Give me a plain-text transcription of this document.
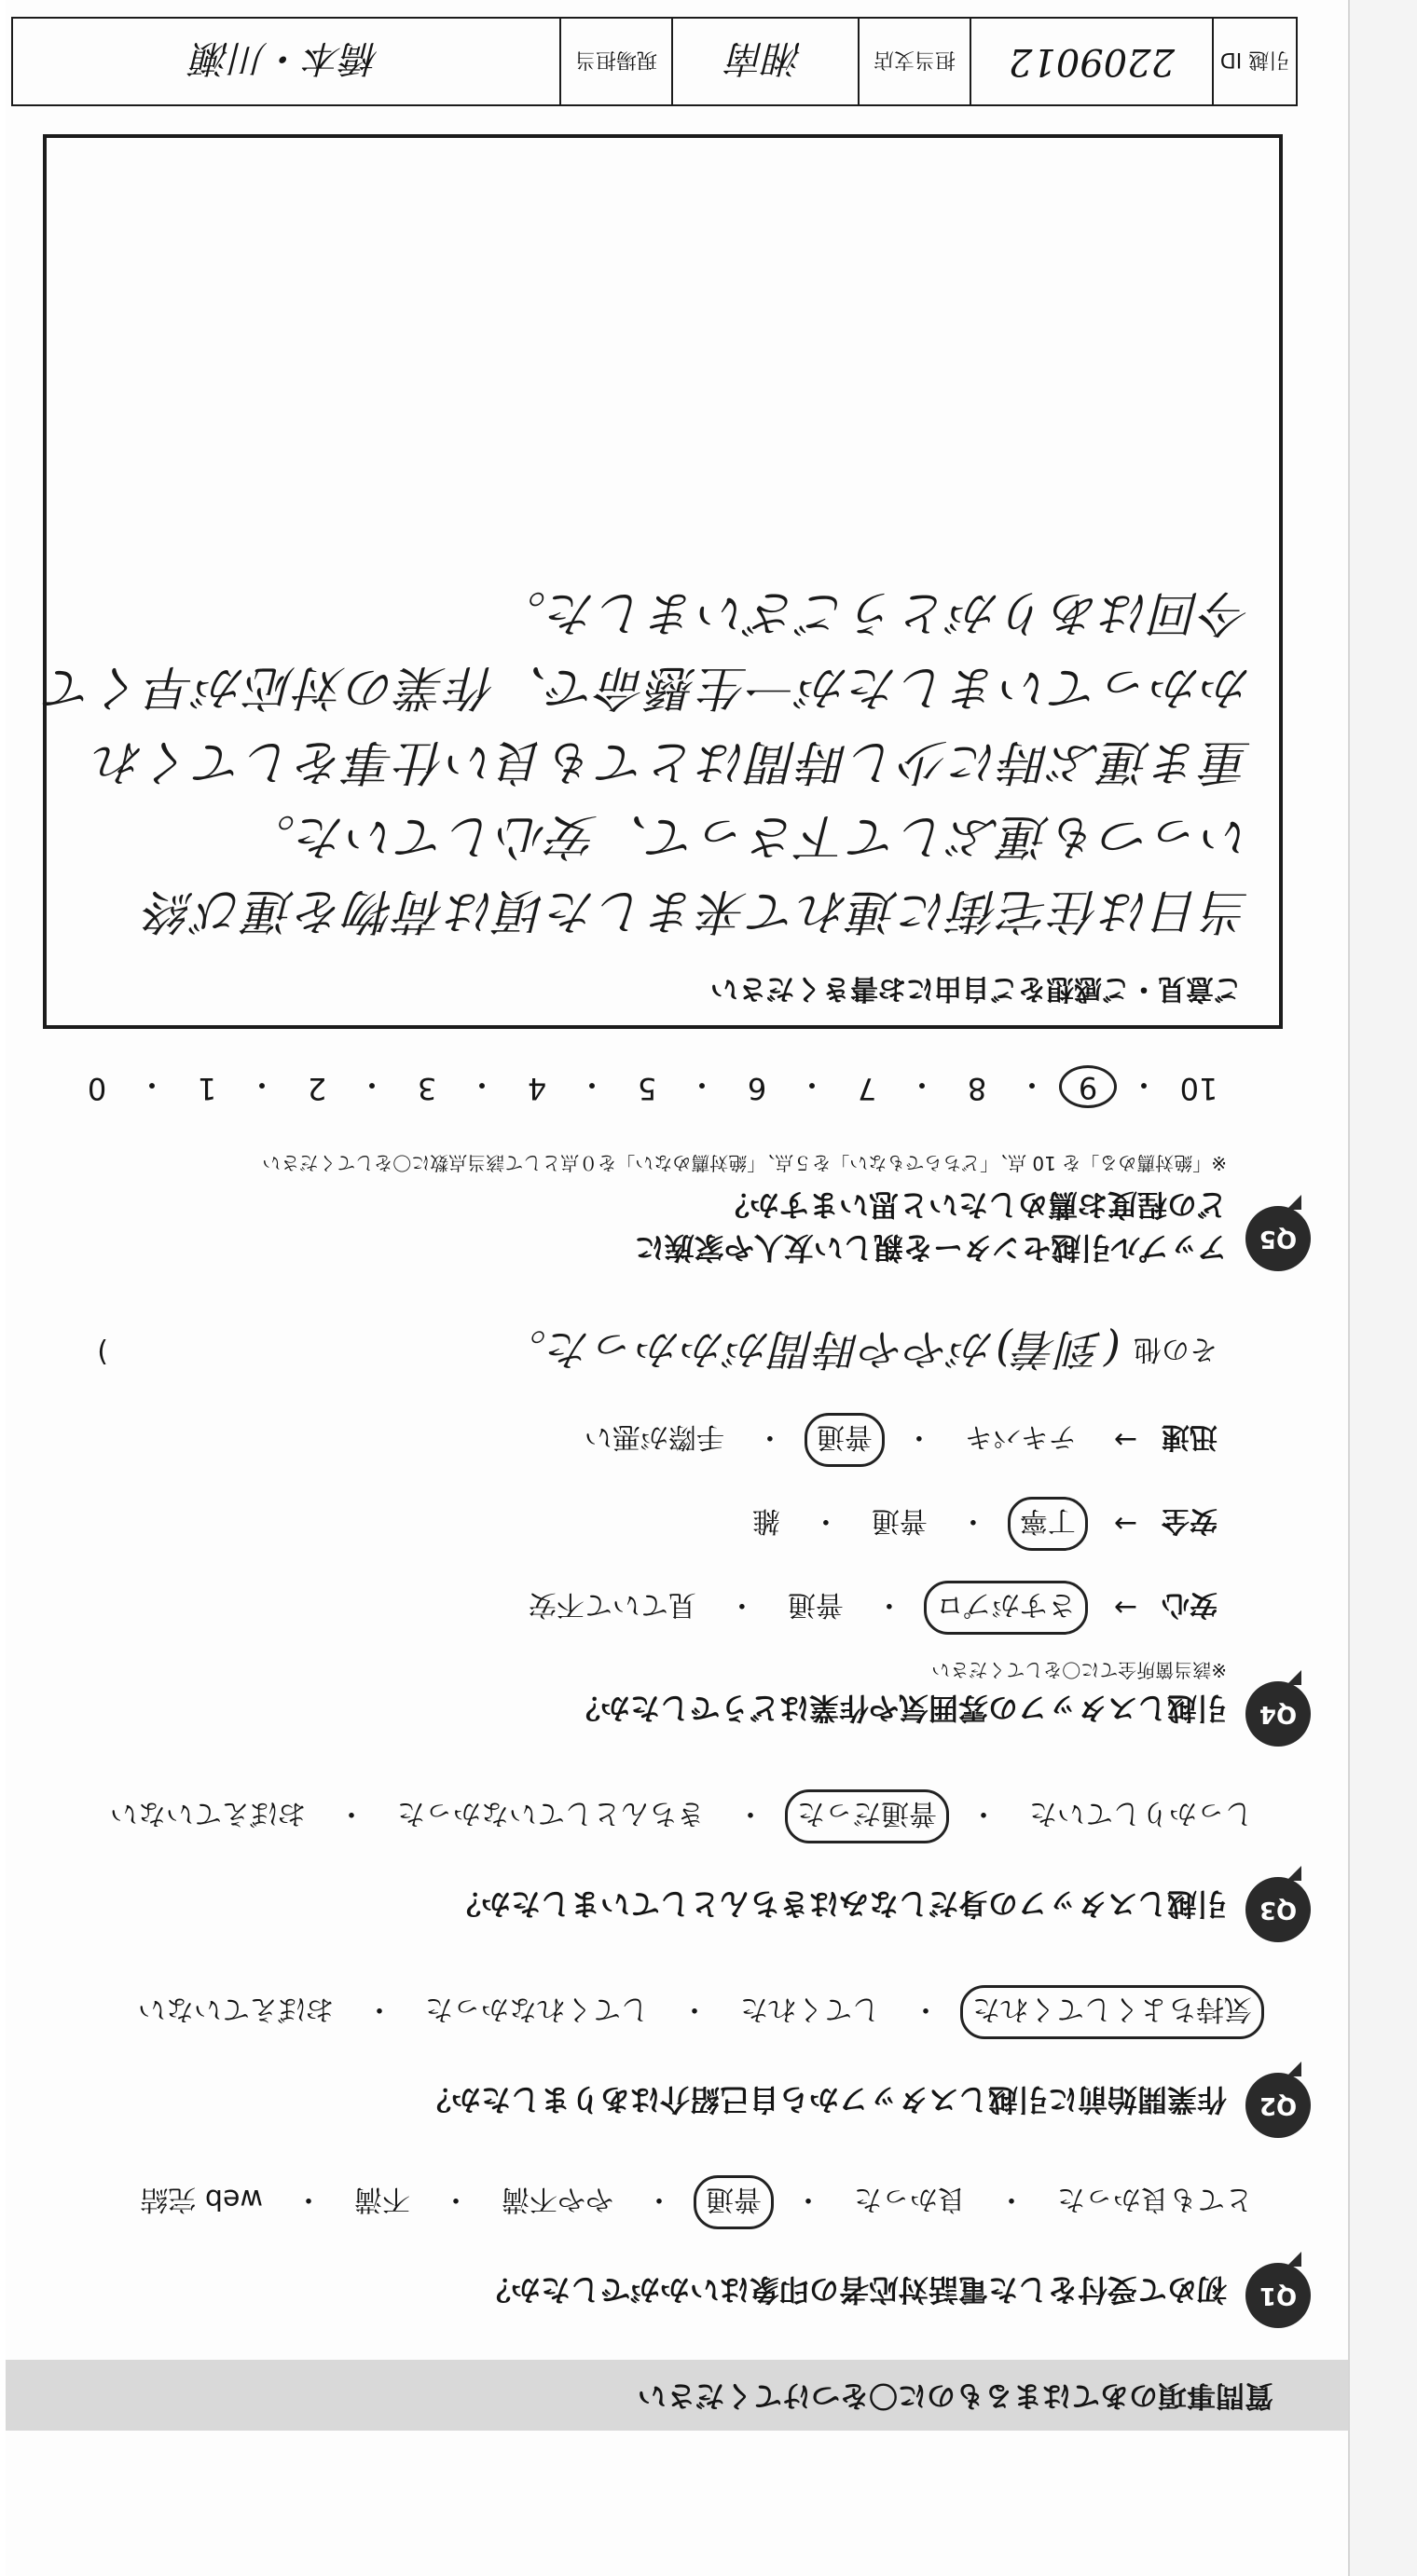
質問事項のあてはまるものに〇をつけてください
Q1
初めて受付をした電話対応者の印象はいかがでしたか？
とても良かった
・
良かった
・
普通
・
やや不満
・
不満
・
web 完結
Q2
作業開始前に引越しスタッフから自己紹介はありましたか？
気持ちよくしてくれた
・
してくれた
・
してくれなかった
・
おぼえていない
Q3
引越しスタッフの身だしなみはきちんとしていましたか？
しっかりしていた
・
普通だった
・
きちんとしていなかった
・
おぼえていない
Q4
引越しスタッフの雰囲気や作業はどうでしたか？
※該当箇所全てに〇をしてください
安心
→
さすがプロ
・
普通
・
見ていて不安
安全
→
丁寧
・
普通
・
雑
迅速
→
テキパキ
・
普通
・
手際が悪い
その他
(到着)がやや時間がかかった。
)
Q5
アップル引越センターを親しい友人や家族に
どの程度お薦めしたいと思いますか？
※「絶対薦める」を 10 点、「どちらでもない」を５点、「絶対薦めない」を０点として該当点数に〇をしてください
10
・
9
・
8
・
7
・
6
・
5
・
4
・
3
・
2
・
1
・
0
ご意見・ご感想をご自由にお書きください
当日は住宅街に連れて来ました頃は荷物を運び終
いっつも運ぶして下さって、安心していた。
重ま運ぶ時に少し時間はとても良い仕事をしてくれ
かかっていましたが一生懸命で、作業の対応が早くて
今回はありがとうございました。
引越 ID
2209012
担当支店
湘南
現場担当
橋本・川瀬
